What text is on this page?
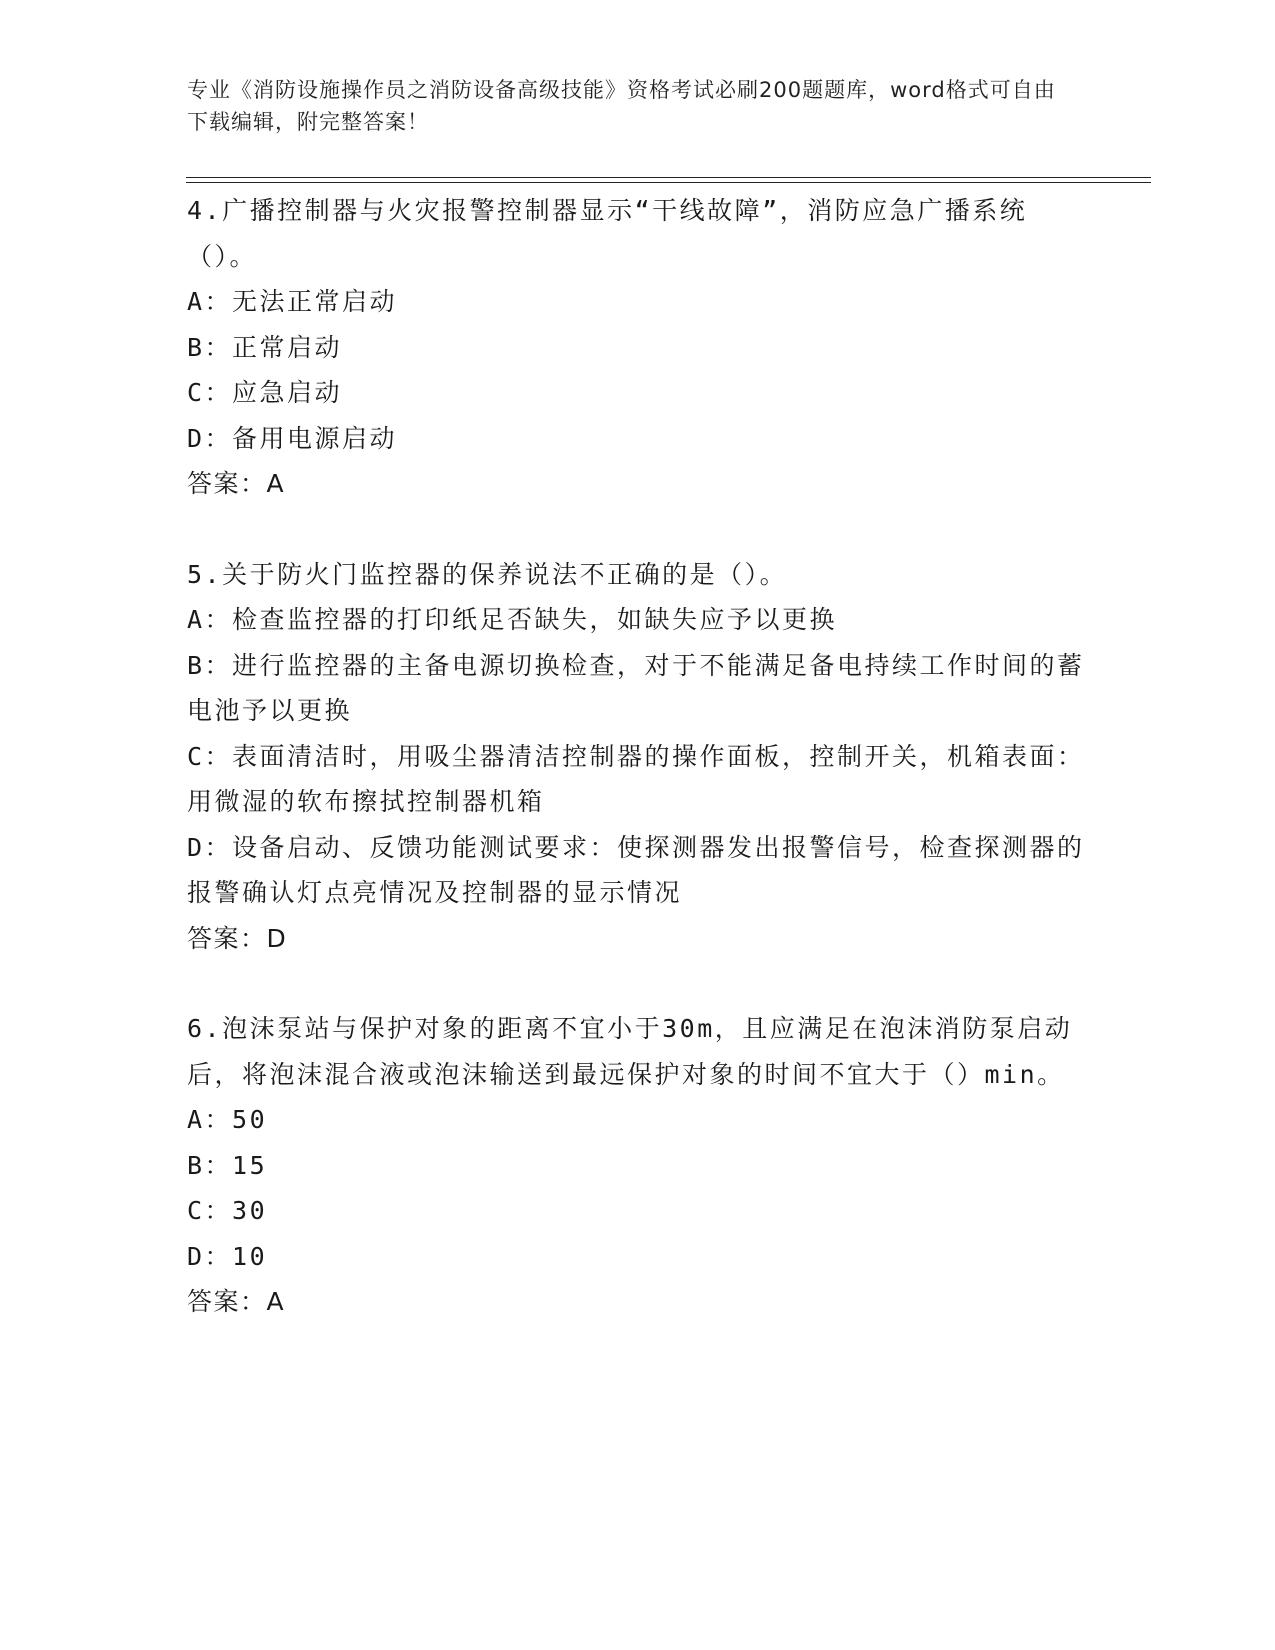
专业《消防设施操作员之消防设备高级技能》资格考试必刷200题题库，word格式可自由下载编辑，附完整答案！

4.广播控制器与火灾报警控制器显示“干线故障”，消防应急广播系统（）。

A：无法正常启动

B：正常启动

C：应急启动

D：备用电源启动

答案：A

5.关于防火门监控器的保养说法不正确的是（）。

A：检查监控器的打印纸足否缺失，如缺失应予以更换

B：进行监控器的主备电源切换检查，对于不能满足备电持续工作时间的蓄电池予以更换

C：表面清洁时，用吸尘器清洁控制器的操作面板，控制开关，机箱表面：用微湿的软布擦拭控制器机箱

D：设备启动、反馈功能测试要求：使探测器发出报警信号，检查探测器的报警确认灯点亮情况及控制器的显示情况

答案：D

6.泡沫泵站与保护对象的距离不宜小于30m，且应满足在泡沫消防泵启动后，将泡沫混合液或泡沫输送到最远保护对象的时间不宜大于（）min。

A：50

B：15

C：30

D：10

答案：A
